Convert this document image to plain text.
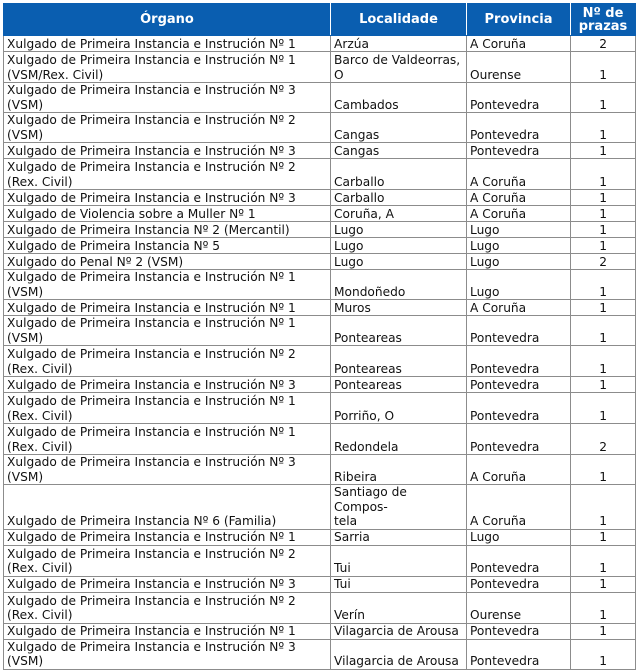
Órgano	Localidade	Provincia	Nº de
prazas
Xulgado de Primeira Instancia e Instrución Nº 1	Arzúa	A Coruña	2
Xulgado de Primeira Instancia e Instrución Nº 1
(VSM/Rex. Civil)	Barco de Valdeorras,
O	Ourense	1
Xulgado de Primeira Instancia e Instrución Nº 3 (VSM)	Cambados	Pontevedra	1
Xulgado de Primeira Instancia e Instrución Nº 2 (VSM)	Cangas	Pontevedra	1
Xulgado de Primeira Instancia e Instrución Nº 3	Cangas	Pontevedra	1
Xulgado de Primeira Instancia e Instrución Nº 2
(Rex. Civil)	Carballo	A Coruña	1
Xulgado de Primeira Instancia e Instrución Nº 3	Carballo	A Coruña	1
Xulgado de Violencia sobre a Muller Nº 1	Coruña, A	A Coruña	1
Xulgado de Primeira Instancia Nº 2 (Mercantil)	Lugo	Lugo	1
Xulgado de Primeira Instancia Nº 5	Lugo	Lugo	1
Xulgado do Penal Nº 2 (VSM)	Lugo	Lugo	2
Xulgado de Primeira Instancia e Instrución Nº 1 (VSM)	Mondoñedo	Lugo	1
Xulgado de Primeira Instancia e Instrución Nº 1	Muros	A Coruña	1
Xulgado de Primeira Instancia e Instrución Nº 1 (VSM)	Ponteareas	Pontevedra	1
Xulgado de Primeira Instancia e Instrución Nº 2
(Rex. Civil)	Ponteareas	Pontevedra	1
Xulgado de Primeira Instancia e Instrución Nº 3	Ponteareas	Pontevedra	1
Xulgado de Primeira Instancia e Instrución Nº 1
(Rex. Civil)	Porriño, O	Pontevedra	1
Xulgado de Primeira Instancia e Instrución Nº 1
(Rex. Civil)	Redondela	Pontevedra	2
Xulgado de Primeira Instancia e Instrución Nº 3 (VSM)	Ribeira	A Coruña	1
Xulgado de Primeira Instancia Nº 6 (Familia)	Santiago de Compos-
tela	A Coruña	1
Xulgado de Primeira Instancia e Instrución Nº 1	Sarria	Lugo	1
Xulgado de Primeira Instancia e Instrución Nº 2
(Rex. Civil)	Tui	Pontevedra	1
Xulgado de Primeira Instancia e Instrución Nº 3	Tui	Pontevedra	1
Xulgado de Primeira Instancia e Instrución Nº 2
(Rex. Civil)	Verín	Ourense	1
Xulgado de Primeira Instancia e Instrución Nº 1	Vilagarcia de Arousa	Pontevedra	1
Xulgado de Primeira Instancia e Instrución Nº 3 (VSM)	Vilagarcia de Arousa	Pontevedra	1
